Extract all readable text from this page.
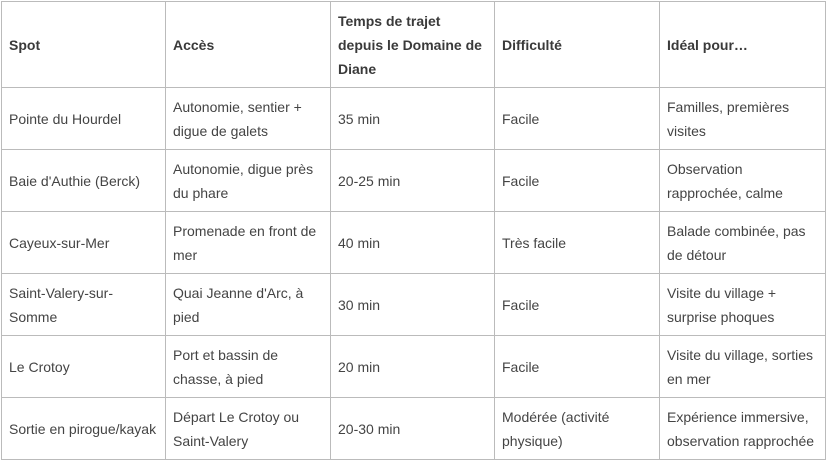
Spot	Accès	Temps de trajet depuis le Domaine de Diane	Difficulté	Idéal pour…
Pointe du Hourdel	Autonomie, sentier + digue de galets	35 min	Facile	Familles, premières visites
Baie d'Authie (Berck)	Autonomie, digue près du phare	20-25 min	Facile	Observation rapprochée, calme
Cayeux-sur-Mer	Promenade en front de mer	40 min	Très facile	Balade combinée, pas de détour
Saint-Valery-sur-Somme	Quai Jeanne d'Arc, à pied	30 min	Facile	Visite du village + surprise phoques
Le Crotoy	Port et bassin de chasse, à pied	20 min	Facile	Visite du village, sorties en mer
Sortie en pirogue/kayak	Départ Le Crotoy ou Saint-Valery	20-30 min	Modérée (activité physique)	Expérience immersive, observation rapprochée
